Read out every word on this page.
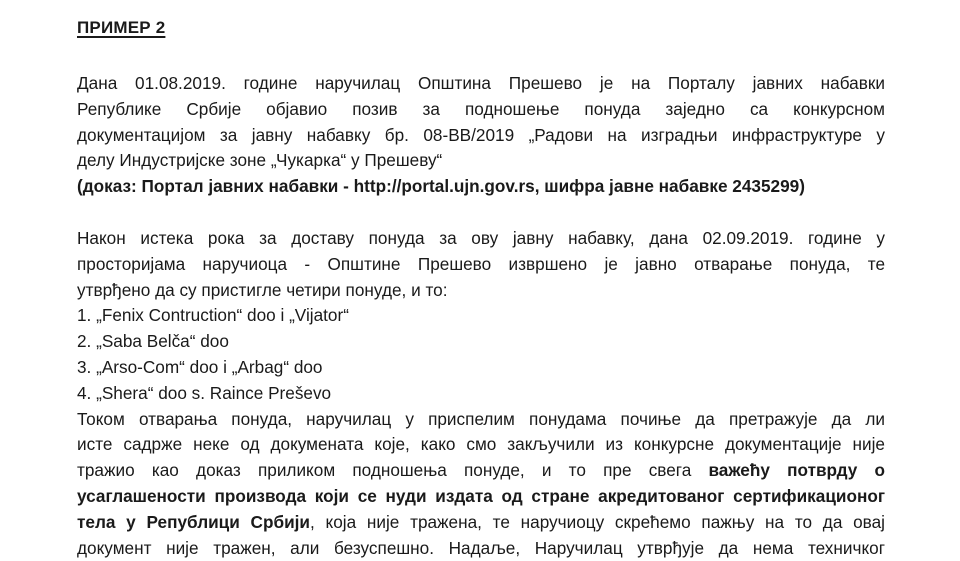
ПРИМЕР 2
Дана 01.08.2019. године наручилац Општина Прешево је на Порталу јавних набавки
Републике Србије објавио позив за подношење понуда заједно са конкурсном
документацијом за јавну набавку бр. 08-ВВ/2019 „Радови на изградњи инфраструктуре у
делу Индустријске зоне „Чукарка“ у Прешеву“
(доказ: Портал јавних набавки - http://portal.ujn.gov.rs, шифра јавне набавке 2435299)
Након истека рока за доставу понуда за ову јавну набавку, дана 02.09.2019. године у
просторијама наручиоца - Општине Прешево извршено је јавно отварање понуда, те
утврђено да су пристигле четири понуде, и то:
1. „Fenix Contruction“ doo i „Vijator“
2. „Saba Belča“ doo
3. „Arso-Com“ doo i „Arbag“ doo
4. „Shera“ doo s. Raince Preševo
Током отварања понуда, наручилац у приспелим понудама почиње да претражује да ли
исте садрже неке од докумената које, како смо закључили из конкурсне документације није
тражио као доказ приликом подношења понуде, и то пре свега важећу потврду о
усаглашености производа који се нуди издата од стране акредитованог сертификационог
тела у Републици Србији, која није тражена, те наручиоцу скрећемо пажњу на то да овај
документ није тражен, али безуспешно. Надаље, Наручилац утврђује да нема техничког
